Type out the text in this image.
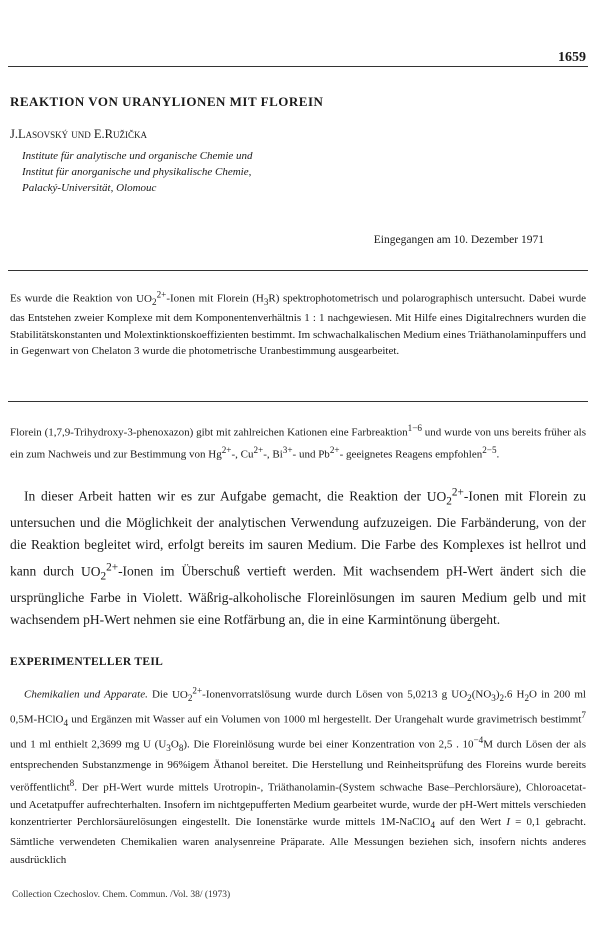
1659
REAKTION VON URANYLIONEN MIT FLOREIN
J.Lasovský und E.Ružička
Institute für analytische und organische Chemie und
Institut für anorganische und physikalische Chemie,
Palacký-Universität, Olomouc
Eingegangen am 10. Dezember 1971
Es wurde die Reaktion von $UO_2^{2+}$-Ionen mit Florein $(H_3R)$ spektrophotometrisch und polarographisch untersucht. Dabei wurde das Entstehen zweier Komplexe mit dem Komponentenverhältnis 1 : 1 nachgewiesen. Mit Hilfe eines Digitalrechners wurden die Stabilitätskonstanten und Molextinktionskoeffizienten bestimmt. Im schwachalkalischen Medium eines Triäthanolaminpuffers und in Gegenwart von Chelaton 3 wurde die photometrische Uranbestimmung ausgearbeitet.
Florein (1,7,9-Trihydroxy-3-phenoxazon) gibt mit zahlreichen Kationen eine Farbreaktion$^{1-6}$ und wurde von uns bereits früher als ein zum Nachweis und zur Bestimmung von $Hg^{2+}-$, $Cu^{2+}-$, $Bi^{3+}-$ und $Pb^{2+}-$ geeignetes Reagens empfohlen$^{2-5}$.
In dieser Arbeit hatten wir es zur Aufgabe gemacht, die Reaktion der $UO_2^{2+}$-Ionen mit Florein zu untersuchen und die Möglichkeit der analytischen Verwendung aufzuzeigen. Die Farbänderung, von der die Reaktion begleitet wird, erfolgt bereits im sauren Medium. Die Farbe des Komplexes ist hellrot und kann durch $UO_2^{2+}$-Ionen im Überschuß vertieft werden. Mit wachsendem pH-Wert ändert sich die ursprüngliche Farbe in Violett. Wäßrig-alkoholische Floreinlösungen im sauren Medium gelb und mit wachsendem pH-Wert nehmen sie eine Rotfärbung an, die in eine Karmintönung übergeht.
EXPERIMENTELLER TEIL
Chemikalien und Apparate. Die $UO_2^{2+}$-Ionenvorratslösung wurde durch Lösen von 5,0213 g $UO_2(NO_3)_2.6$ $H_2O$ in 200 ml 0,5M-HClO$_4$ und Ergänzen mit Wasser auf ein Volumen von 1000 ml hergestellt. Der Urangehalt wurde gravimetrisch bestimmt$^7$ und 1 ml enthielt 2,3699 mg U $(U_3O_8)$. Die Floreinlösung wurde bei einer Konzentration von 2,5 . $10^{-4}M$ durch Lösen der als entsprechenden Substanzmenge in 96%igem Äthanol bereitet. Die Herstellung und Reinheitsprüfung des Floreins wurde bereits veröffentlicht$^8$. Der pH-Wert wurde mittels Urotropin-, Triäthanolamin-(System schwache Base–Perchlorsäure), Chloroacetat- und Acetatpuffer aufrechterhalten. Insofern im nichtgepufferten Medium gearbeitet wurde, wurde der pH-Wert mittels verschieden konzentrierter Perchlorsäurelösungen eingestellt. Die Ionenstärke wurde mittels 1M-NaClO$_4$ auf den Wert I = 0,1 gebracht. Sämtliche verwendeten Chemikalien waren analysenreine Präparate. Alle Messungen beziehen sich, insofern nichts anderes ausdrücklich
Collection Czechoslov. Chem. Commun. /Vol. 38/ (1973)
